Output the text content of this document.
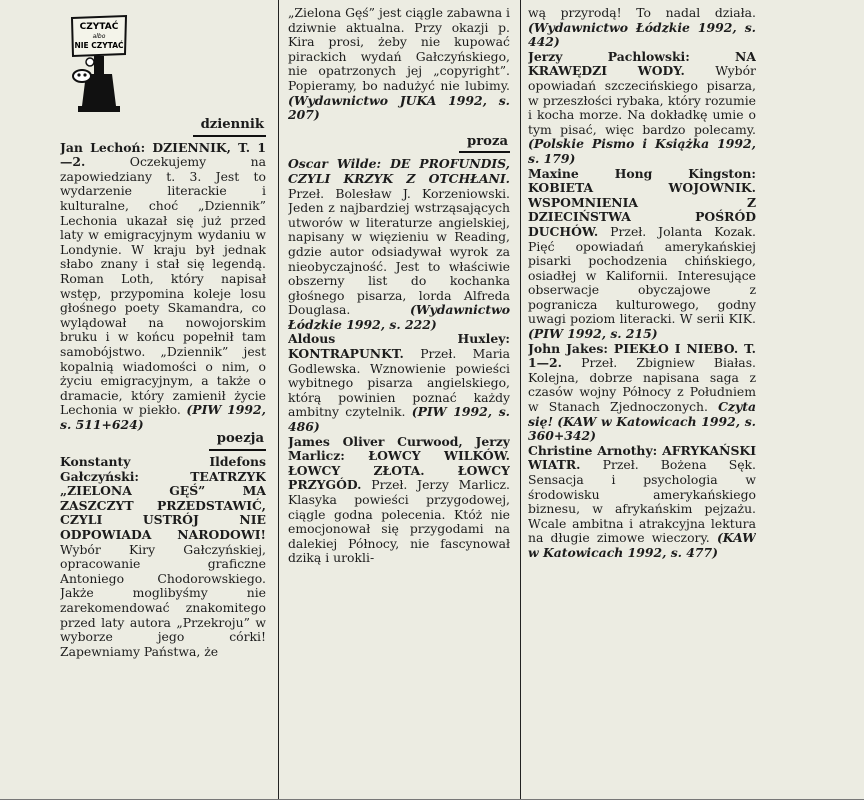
CZYTAĆ
albo
NIE CZYTAĆ
dziennik

Jan Lechoń: DZIENNIK, T. 1—2.	Oczekujemy na zapowiedziany t. 3. Jest to wydarzenie literackie i kulturalne, choć „Dziennik” Lechonia ukazał się już przed laty w emigracyjnym wydaniu w Londynie. W kraju był jednak słabo znany i stał się legendą. Roman Loth, który napisał wstęp, przypomina koleje losu głośnego poety Skamandra, co wylądował na nowojorskim bruku i w końcu popełnił tam samobójstwo. „Dziennik” jest kopalnią wiadomości o nim, o życiu emigracyjnym, a także o dramacie, który zamienił życie Lechonia w piekło. (PIW 1992, s. 511+624)

poezja

Konstanty Ildefons Gałczyński: TEATRZYK „ZIELONA GĘŚ” MA ZASZCZYT PRZEDSTAWIĆ, CZYLI USTRÓJ NIE ODPOWIADA NARODOWI! Wybór Kiry Gałczyńskiej, opracowanie graficzne Antoniego Chodorowskiego. Jakże moglibyśmy nie zarekomendować znakomitego przed laty autora „Przekroju” w wyborze jego córki! Zapewniamy Państwa, że

„Zielona Gęś” jest ciągle zabawna i dziwnie aktualna. Przy okazji p. Kira prosi, żeby nie kupować pirackich wydań Gałczyńskiego, nie opatrzonych jej „copyright”. Popieramy, bo nadużyć nie lubimy. (Wydawnictwo JUKA 1992, s. 207)

proza

Oscar Wilde: DE PROFUNDIS, CZYLI KRZYK Z OTCHŁANI. Przeł. Bolesław J. Korzeniowski. Jeden z najbardziej wstrząsających utworów w literaturze angielskiej, napisany w więzieniu w Reading, gdzie autor odsiadywał wyrok za nieobyczajność. Jest to właściwie obszerny list do kochanka głośnego pisarza, lorda Alfreda Douglasa.	(Wydawnictwo Łódzkie 1992, s. 222)

Aldous Huxley: KONTRAPUNKT. Przeł. Maria Godlewska. Wznowienie powieści wybitnego pisarza angielskiego, którą powinien poznać każdy ambitny czytelnik. (PIW 1992, s. 486)

James Oliver Curwood, Jerzy Marlicz: ŁOWCY WILKÓW. ŁOWCY ZŁOTA. ŁOWCY PRZYGÓD. Przeł. Jerzy Marlicz. Klasyka powieści przygodowej, ciągle godna polecenia. Któż nie emocjonował się przygodami na dalekiej Północy, nie fascynował dziką i urokli-

wą przyrodą! To nadal działa. (Wydawnictwo Łódzkie 1992, s. 442)

Jerzy Pachlowski: NA KRAWĘDZI WODY. Wybór opowiadań szczecińskiego pisarza, w przeszłości rybaka, który rozumie i kocha morze. Na dokładkę umie o tym pisać, więc bardzo polecamy. (Polskie Pismo i Książka 1992, s. 179)

Maxine Hong Kingston: KOBIETA WOJOWNIK. WSPOMNIENIA Z DZIECIŃSTWA POŚRÓD DUCHÓW. Przeł. Jolanta Kozak. Pięć opowiadań amerykańskiej pisarki pochodzenia chińskiego, osiadłej w Kalifornii. Interesujące obserwacje obyczajowe z pogranicza kulturowego, godny uwagi poziom literacki. W serii KIK. (PIW 1992, s. 215)

John Jakes: PIEKŁO I NIEBO. T. 1—2. Przeł. Zbigniew Białas. Kolejna, dobrze napisana saga z czasów wojny Północy z Południem w Stanach Zjednoczonych. Czyta się! (KAW w Katowicach 1992, s. 360+342)

Christine Arnothy: AFRYKAŃSKI WIATR. Przeł. Bożena Sęk. Sensacja i psychologia w środowisku amerykańskiego biznesu, w afrykańskim pejzażu. Wcale ambitna i atrakcyjna lektura na długie zimowe wieczory. (KAW w Katowicach 1992, s. 477)
